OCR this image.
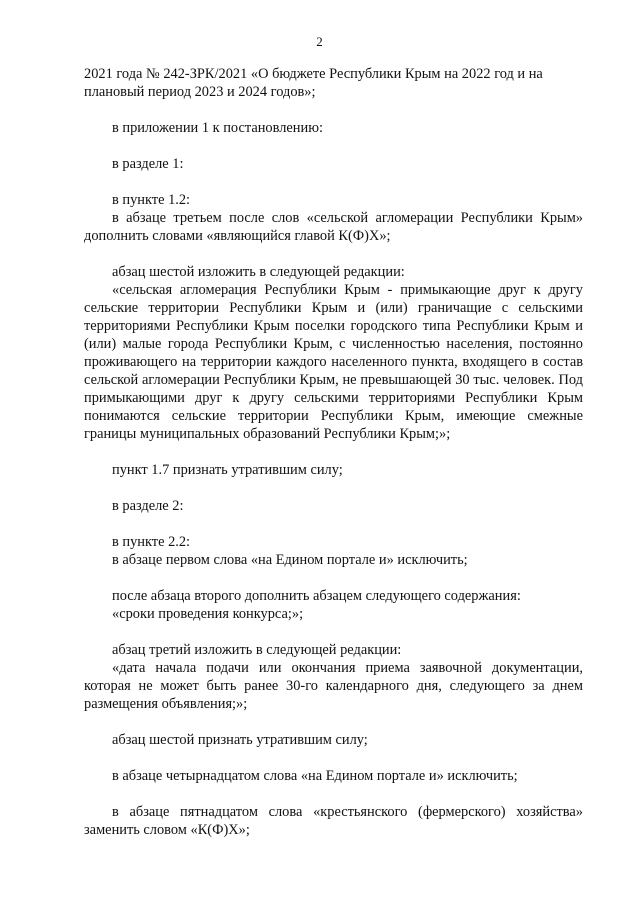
2

2021 года № 242-ЗРК/2021 «О бюджете Республики Крым на 2022 год и на плановый период 2023 и 2024 годов»;

в приложении 1 к постановлению:

в разделе 1:

в пункте 1.2:

в абзаце третьем после слов «сельской агломерации Республики Крым» дополнить словами «являющийся главой К(Ф)Х»;

абзац шестой изложить в следующей редакции:

«сельская агломерация Республики Крым - примыкающие друг к другу сельские территории Республики Крым и (или) граничащие с сельскими территориями Республики Крым поселки городского типа Республики Крым и (или) малые города Республики Крым, с численностью населения, постоянно проживающего на территории каждого населенного пункта, входящего в состав сельской агломерации Республики Крым, не превышающей 30 тыс. человек. Под примыкающими друг к другу сельскими территориями Республики Крым понимаются сельские территории Республики Крым, имеющие смежные границы муниципальных образований Республики Крым;»;

пункт 1.7 признать утратившим силу;

в разделе 2:

в пункте 2.2:

в абзаце первом слова «на Едином портале и» исключить;

после абзаца второго дополнить абзацем следующего содержания:

«сроки проведения конкурса;»;

абзац третий изложить в следующей редакции:

«дата начала подачи или окончания приема заявочной документации, которая не может быть ранее 30-го календарного дня, следующего за днем размещения объявления;»;

абзац шестой признать утратившим силу;

в абзаце четырнадцатом слова «на Едином портале и» исключить;

в абзаце пятнадцатом слова «крестьянского (фермерского) хозяйства» заменить словом «К(Ф)Х»;
